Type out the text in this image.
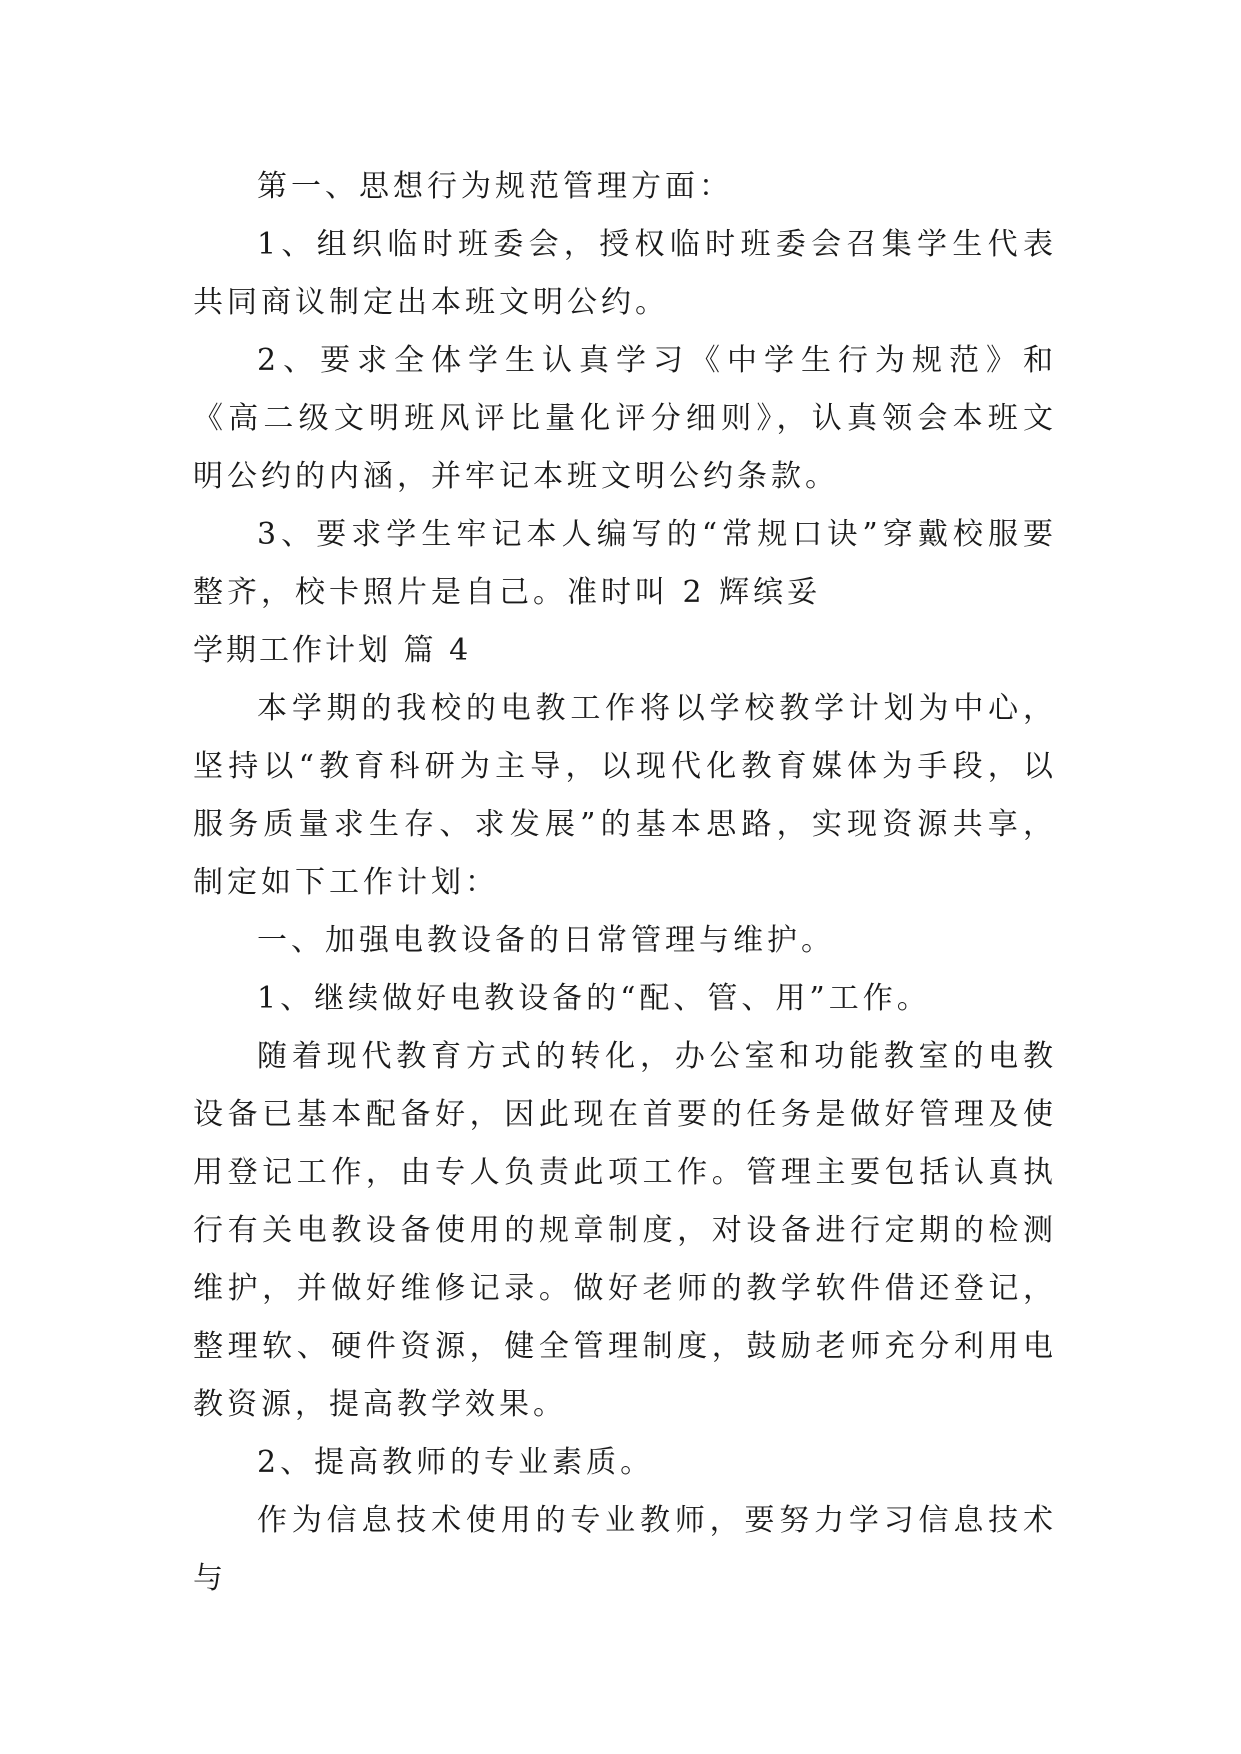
第一、思想行为规范管理方面：

1、组织临时班委会，授权临时班委会召集学生代表共同商议制定出本班文明公约。

2、要求全体学生认真学习《中学生行为规范》和《高二级文明班风评比量化评分细则》，认真领会本班文明公约的内涵，并牢记本班文明公约条款。

3、要求学生牢记本人编写的“常规口诀”穿戴校服要整齐，校卡照片是自己。准时叫 2 辉缤妥

学期工作计划 篇 4

本学期的我校的电教工作将以学校教学计划为中心，坚持以“教育科研为主导，以现代化教育媒体为手段，以服务质量求生存、求发展”的基本思路，实现资源共享，制定如下工作计划：

一、加强电教设备的日常管理与维护。

1、继续做好电教设备的“配、管、用”工作。

随着现代教育方式的转化，办公室和功能教室的电教设备已基本配备好，因此现在首要的任务是做好管理及使用登记工作，由专人负责此项工作。管理主要包括认真执行有关电教设备使用的规章制度，对设备进行定期的检测维护，并做好维修记录。做好老师的教学软件借还登记，整理软、硬件资源，健全管理制度，鼓励老师充分利用电教资源，提高教学效果。

2、提高教师的专业素质。

作为信息技术使用的专业教师，要努力学习信息技术与
